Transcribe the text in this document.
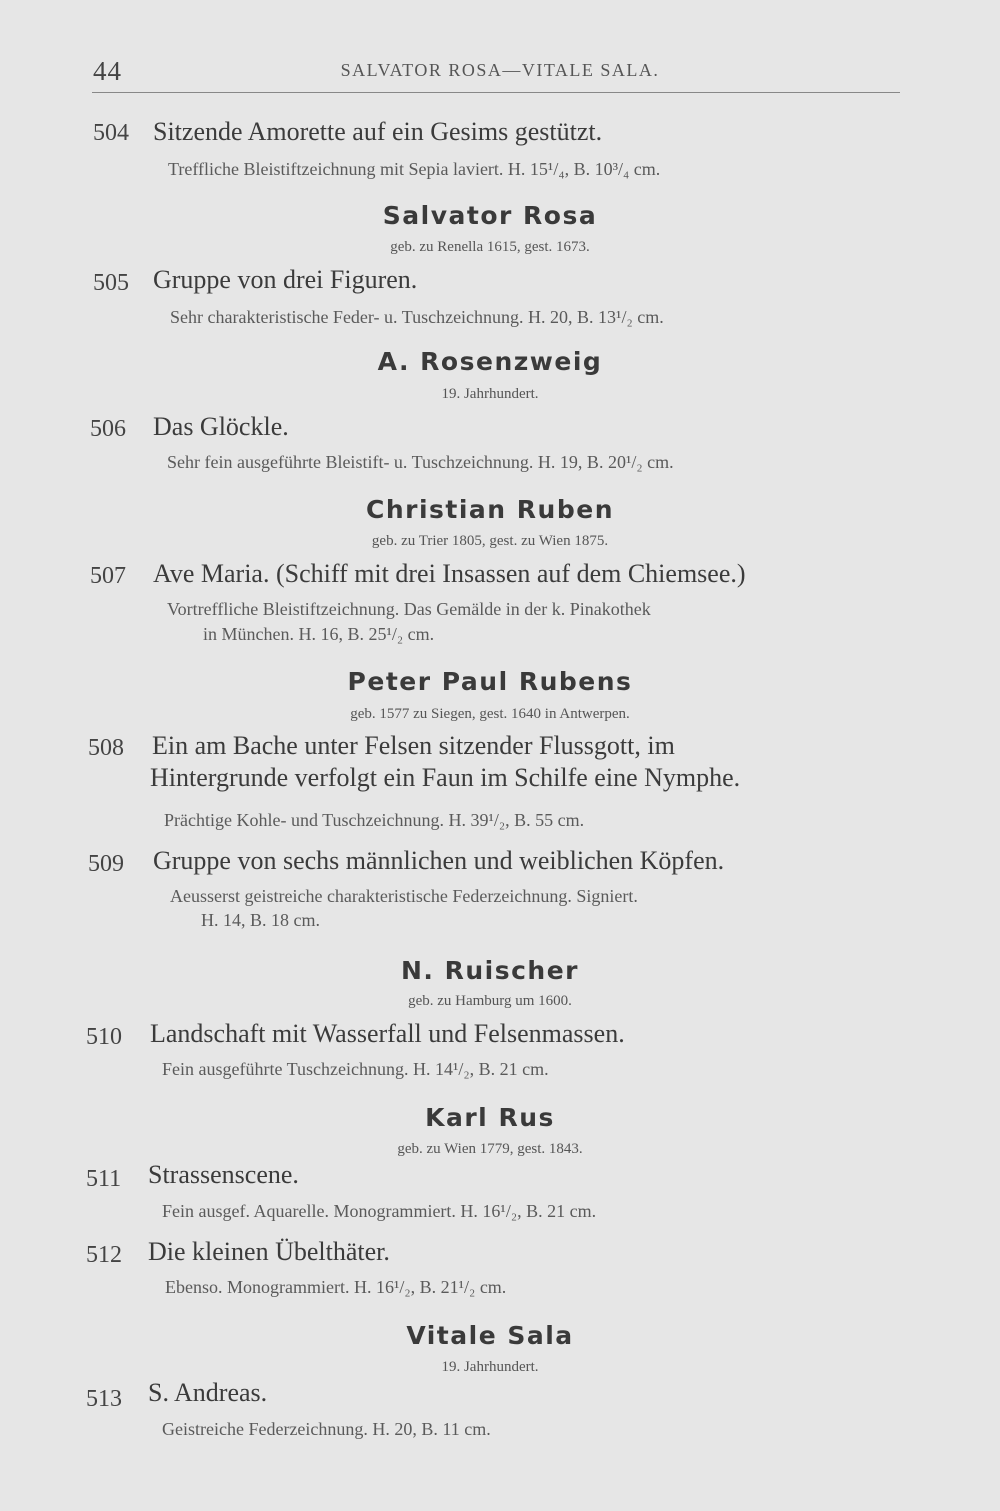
44	SALVATOR ROSA—VITALE SALA.
504 Sitzende Amorette auf ein Gesims gestützt.
Treffliche Bleistiftzeichnung mit Sepia laviert. H. 15¹/₄, B. 10³/₄ cm.
Salvator Rosa
geb. zu Renella 1615, gest. 1673.
505 Gruppe von drei Figuren.
Sehr charakteristische Feder- u. Tuschzeichnung. H. 20, B. 13¹/₂ cm.
A. Rosenzweig
19. Jahrhundert.
506 Das Glöckle.
Sehr fein ausgeführte Bleistift- u. Tuschzeichnung. H. 19, B. 20¹/₂ cm.
Christian Ruben
geb. zu Trier 1805, gest. zu Wien 1875.
507 Ave Maria. (Schiff mit drei Insassen auf dem Chiemsee.)
Vortreffliche Bleistiftzeichnung. Das Gemälde in der k. Pinakothek
in München. H. 16, B. 25¹/₂ cm.
Peter Paul Rubens
geb. 1577 zu Siegen, gest. 1640 in Antwerpen.
508 Ein am Bache unter Felsen sitzender Flussgott, im
Hintergrunde verfolgt ein Faun im Schilfe eine Nymphe.
Prächtige Kohle- und Tuschzeichnung. H. 39¹/₂, B. 55 cm.
509 Gruppe von sechs männlichen und weiblichen Köpfen.
Aeusserst geistreiche charakteristische Federzeichnung. Signiert.
H. 14, B. 18 cm.
N. Ruischer
geb. zu Hamburg um 1600.
510 Landschaft mit Wasserfall und Felsenmassen.
Fein ausgeführte Tuschzeichnung. H. 14¹/₂, B. 21 cm.
Karl Rus
geb. zu Wien 1779, gest. 1843.
511 Strassenscene.
Fein ausgef. Aquarelle. Monogrammiert. H. 16¹/₂, B. 21 cm.
512 Die kleinen Übelthäter.
Ebenso. Monogrammiert. H. 16¹/₂, B. 21¹/₂ cm.
Vitale Sala
19. Jahrhundert.
513 S. Andreas.
Geistreiche Federzeichnung. H. 20, B. 11 cm.
